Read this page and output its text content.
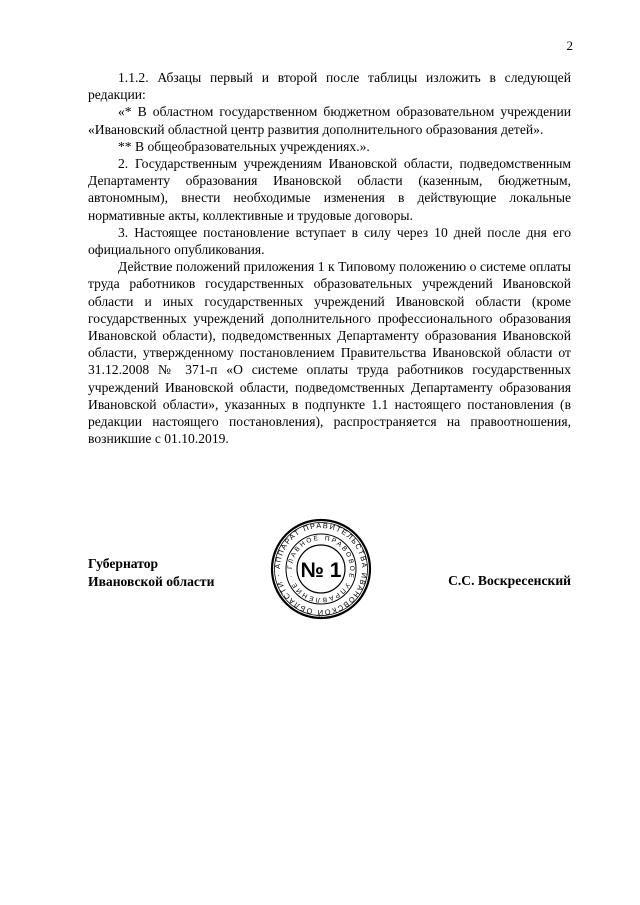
2

1.1.2. Абзацы первый и второй после таблицы изложить в следующей редакции:

«* В областном государственном бюджетном образовательном учреждении «Ивановский областной центр развития дополнительного образования детей».

** В общеобразовательных учреждениях.».

2. Государственным учреждениям Ивановской области, подведомственным Департаменту образования Ивановской области (казенным, бюджетным, автономным), внести необходимые изменения в действующие локальные нормативные акты, коллективные и трудовые договоры.

3. Настоящее постановление вступает в силу через 10 дней после дня его официального опубликования.

Действие положений приложения 1 к Типовому положению о системе оплаты труда работников государственных образовательных учреждений Ивановской области и иных государственных учреждений Ивановской области (кроме государственных учреждений дополнительного профессионального образования Ивановской области), подведомственных Департаменту образования Ивановской области, утвержденному постановлением Правительства Ивановской области от 31.12.2008 № 371-п «О системе оплаты труда работников государственных учреждений Ивановской области, подведомственных Департаменту образования Ивановской области», указанных в подпункте 1.1 настоящего постановления (в редакции настоящего постановления), распространяется на правоотношения, возникшие с 01.10.2019.

Губернатор
Ивановской области	С.С. Воскресенский
АППАРАТ ПРАВИТЕЛЬСТВА ИВАНОВСКОЙ ОБЛАСТИ ·
ГЛАВНОЕ ПРАВОВОЕ УПРАВЛЕНИЕ · № 1
